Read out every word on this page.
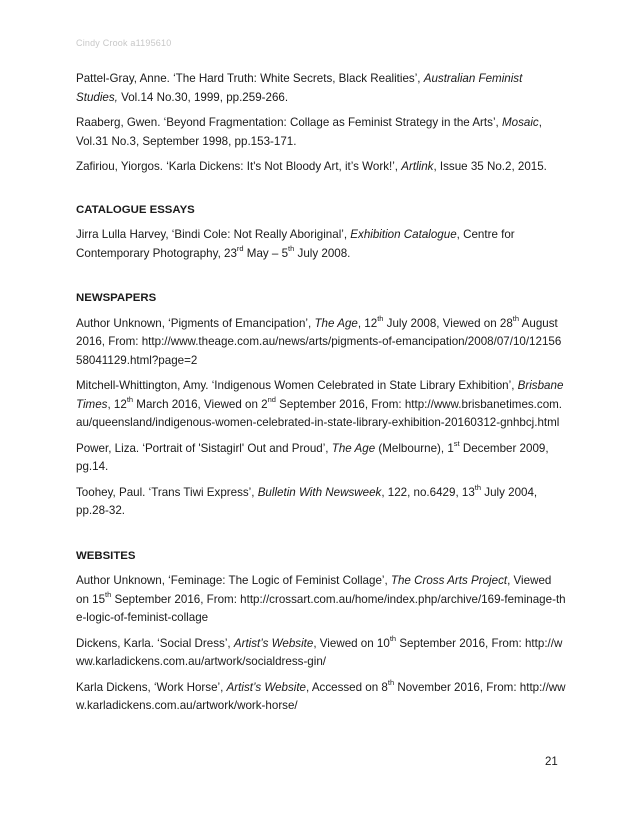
Cindy Crook a1195610

Pattel-Gray, Anne. ‘The Hard Truth: White Secrets, Black Realities’, Australian Feminist Studies, Vol.14 No.30, 1999, pp.259-266.

Raaberg, Gwen. ‘Beyond Fragmentation: Collage as Feminist Strategy in the Arts’, Mosaic, Vol.31 No.3, September 1998, pp.153-171.

Zafiriou, Yiorgos. ‘Karla Dickens: It's Not Bloody Art, it’s Work!’, Artlink, Issue 35 No.2, 2015.

CATALOGUE ESSAYS

Jirra Lulla Harvey, ‘Bindi Cole: Not Really Aboriginal’, Exhibition Catalogue, Centre for Contemporary Photography, 23rd May – 5th July 2008.

NEWSPAPERS

Author Unknown, ‘Pigments of Emancipation’, The Age, 12th July 2008, Viewed on 28th August 2016, From: http://www.theage.com.au/news/arts/pigments-of-emancipation/2008/07/10/1215658041129.html?page=2

Mitchell-Whittington, Amy. ‘Indigenous Women Celebrated in State Library Exhibition’, Brisbane Times, 12th March 2016, Viewed on 2nd September 2016, From: http://www.brisbanetimes.com.au/queensland/indigenous-women-celebrated-in-state-library-exhibition-20160312-gnhbcj.html

Power, Liza. ‘Portrait of 'Sistagirl' Out and Proud’, The Age (Melbourne), 1st December 2009, pg.14.

Toohey, Paul. ‘Trans Tiwi Express’, Bulletin With Newsweek, 122, no.6429, 13th July 2004, pp.28-32.

WEBSITES

Author Unknown, ‘Feminage: The Logic of Feminist Collage’, The Cross Arts Project, Viewed on 15th September 2016, From: http://crossart.com.au/home/index.php/archive/169-feminage-the-logic-of-feminist-collage

Dickens, Karla. ‘Social Dress’, Artist’s Website, Viewed on 10th September 2016, From: http://www.karladickens.com.au/artwork/socialdress-gin/

Karla Dickens, ‘Work Horse’, Artist’s Website, Accessed on 8th November 2016, From: http://www.karladickens.com.au/artwork/work-horse/

21
